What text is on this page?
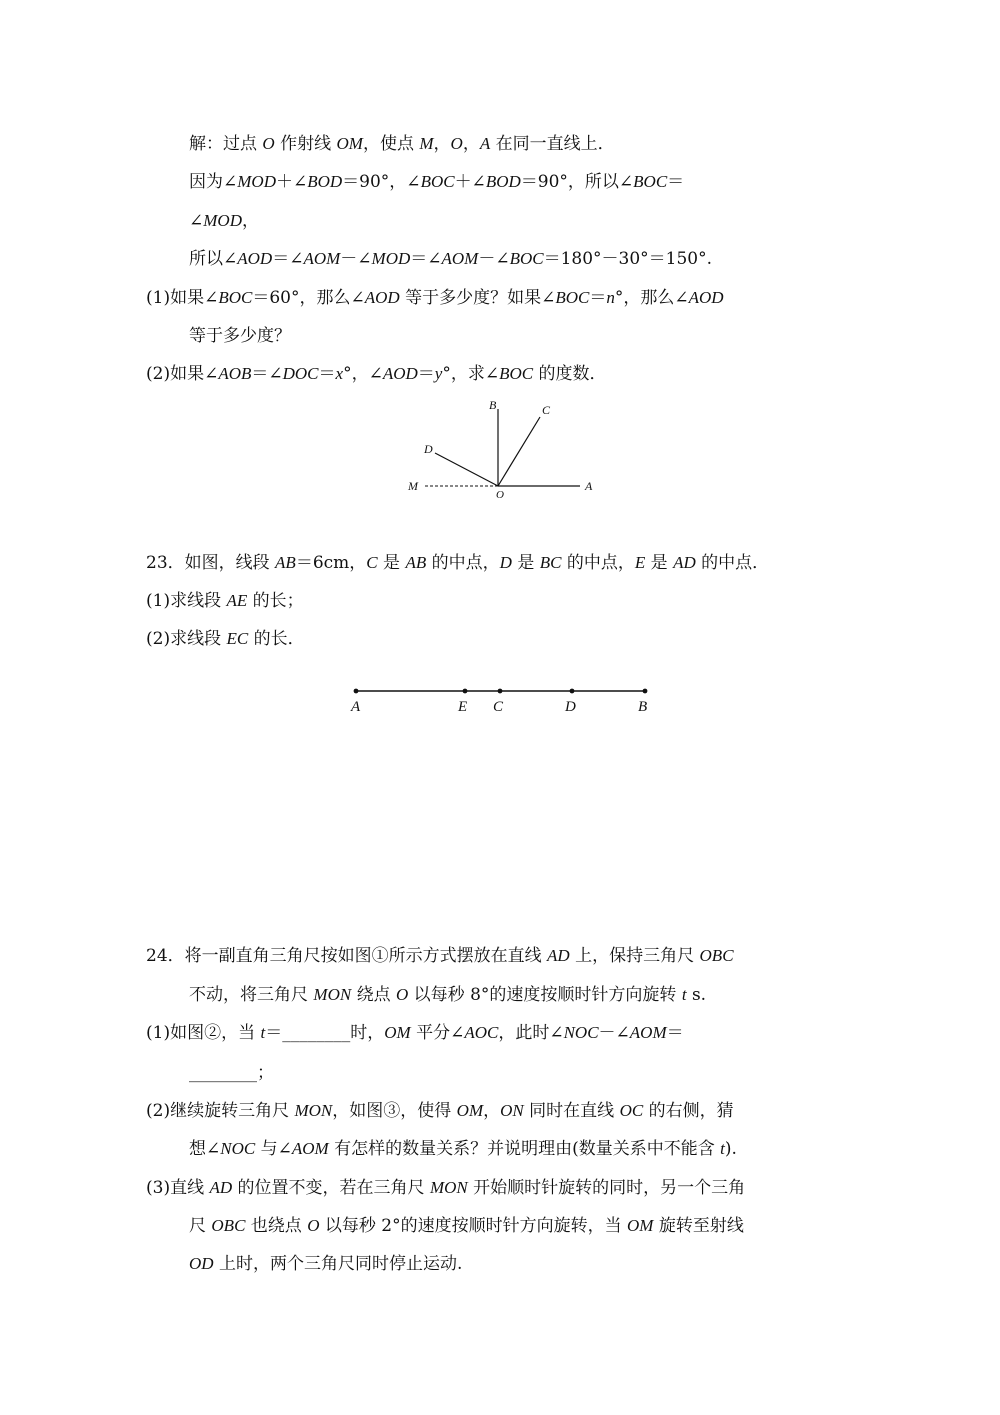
解：过点 O 作射线 OM，使点 M，O，A 在同一直线上．
因为∠MOD＋∠BOD＝90°，∠BOC＋∠BOD＝90°，所以∠BOC＝
∠MOD，
所以∠AOD＝∠AOM－∠MOD＝∠AOM－∠BOC＝180°－30°＝150°.
(1)如果∠BOC＝60°，那么∠AOD 等于多少度？如果∠BOC＝n°，那么∠AOD
等于多少度？
(2)如果∠AOB＝∠DOC＝x°，∠AOD＝y°，求∠BOC 的度数．
B	C
D
M
O
A
23．如图，线段 AB＝6cm，C 是 AB 的中点，D 是 BC 的中点，E 是 AD 的中点．
(1)求线段 AE 的长；
(2)求线段 EC 的长．
A	E C	D	B
24．将一副直角三角尺按如图①所示方式摆放在直线 AD 上，保持三角尺 OBC
不动，将三角尺 MON 绕点 O 以每秒 8°的速度按顺时针方向旋转 t s.
(1)如图②，当 t＝________时，OM 平分∠AOC，此时∠NOC－∠AOM＝
________；
(2)继续旋转三角尺 MON，如图③，使得 OM，ON 同时在直线 OC 的右侧，猜
想∠NOC 与∠AOM 有怎样的数量关系？并说明理由(数量关系中不能含 t).
(3)直线 AD 的位置不变，若在三角尺 MON 开始顺时针旋转的同时，另一个三角
尺 OBC 也绕点 O 以每秒 2°的速度按顺时针方向旋转，当 OM 旋转至射线
OD 上时，两个三角尺同时停止运动.
